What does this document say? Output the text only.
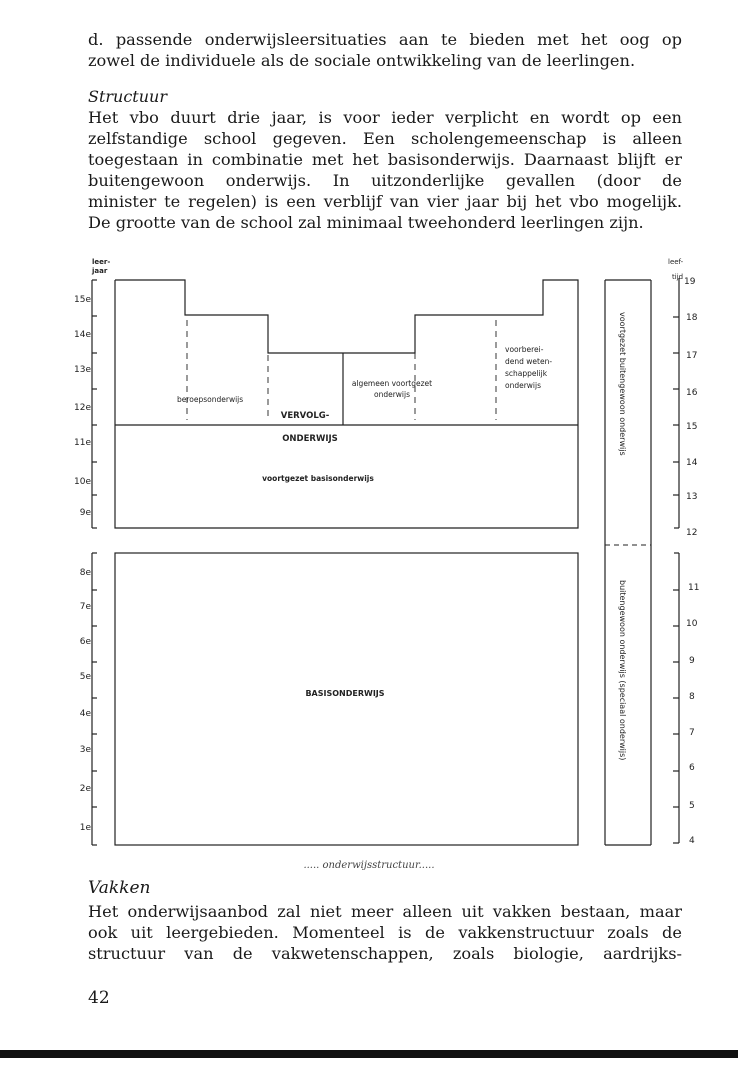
d. passende onderwijsleersituaties aan te bieden met het oog op
zowel de individuele als de sociale ontwikkeling van de leerlingen.
Structuur
Het vbo duurt drie jaar, is voor ieder verplicht en wordt op een
zelfstandige school gegeven. Een scholengemeenschap is alleen
toegestaan in combinatie met het basisonderwijs. Daarnaast blijft er
buitengewoon onderwijs. In uitzonderlijke gevallen (door de
minister te regelen) is een verblijf van vier jaar bij het vbo mogelijk.
De grootte van de school zal minimaal tweehonderd leerlingen zijn.
leer-
jaar
15e
14e
13e
12e
11e
10e
9e
8e
7e
6e
5e
4e
3e
2e
1e
leef-
tijd 19
18
17
16
15
14
13
12
11
10
9
8
7
6
5
4
beroepsonderwijs
algemeen voortgezet
onderwijs
voorberei-
dend weten-
schappelijk
onderwijs
VERVOLG-
ONDERWIJS
voortgezet basisonderwijs
BASISONDERWIJS
voortgezet buitengewoon onderwijs
buitengewoon onderwijs (speciaal onderwijs)
..... onderwijsstructuur.....
Vakken
Het onderwijsaanbod zal niet meer alleen uit vakken bestaan, maar
ook uit leergebieden. Momenteel is de vakkenstructuur zoals de
structuur van de vakwetenschappen, zoals biologie, aardrijks-
42
